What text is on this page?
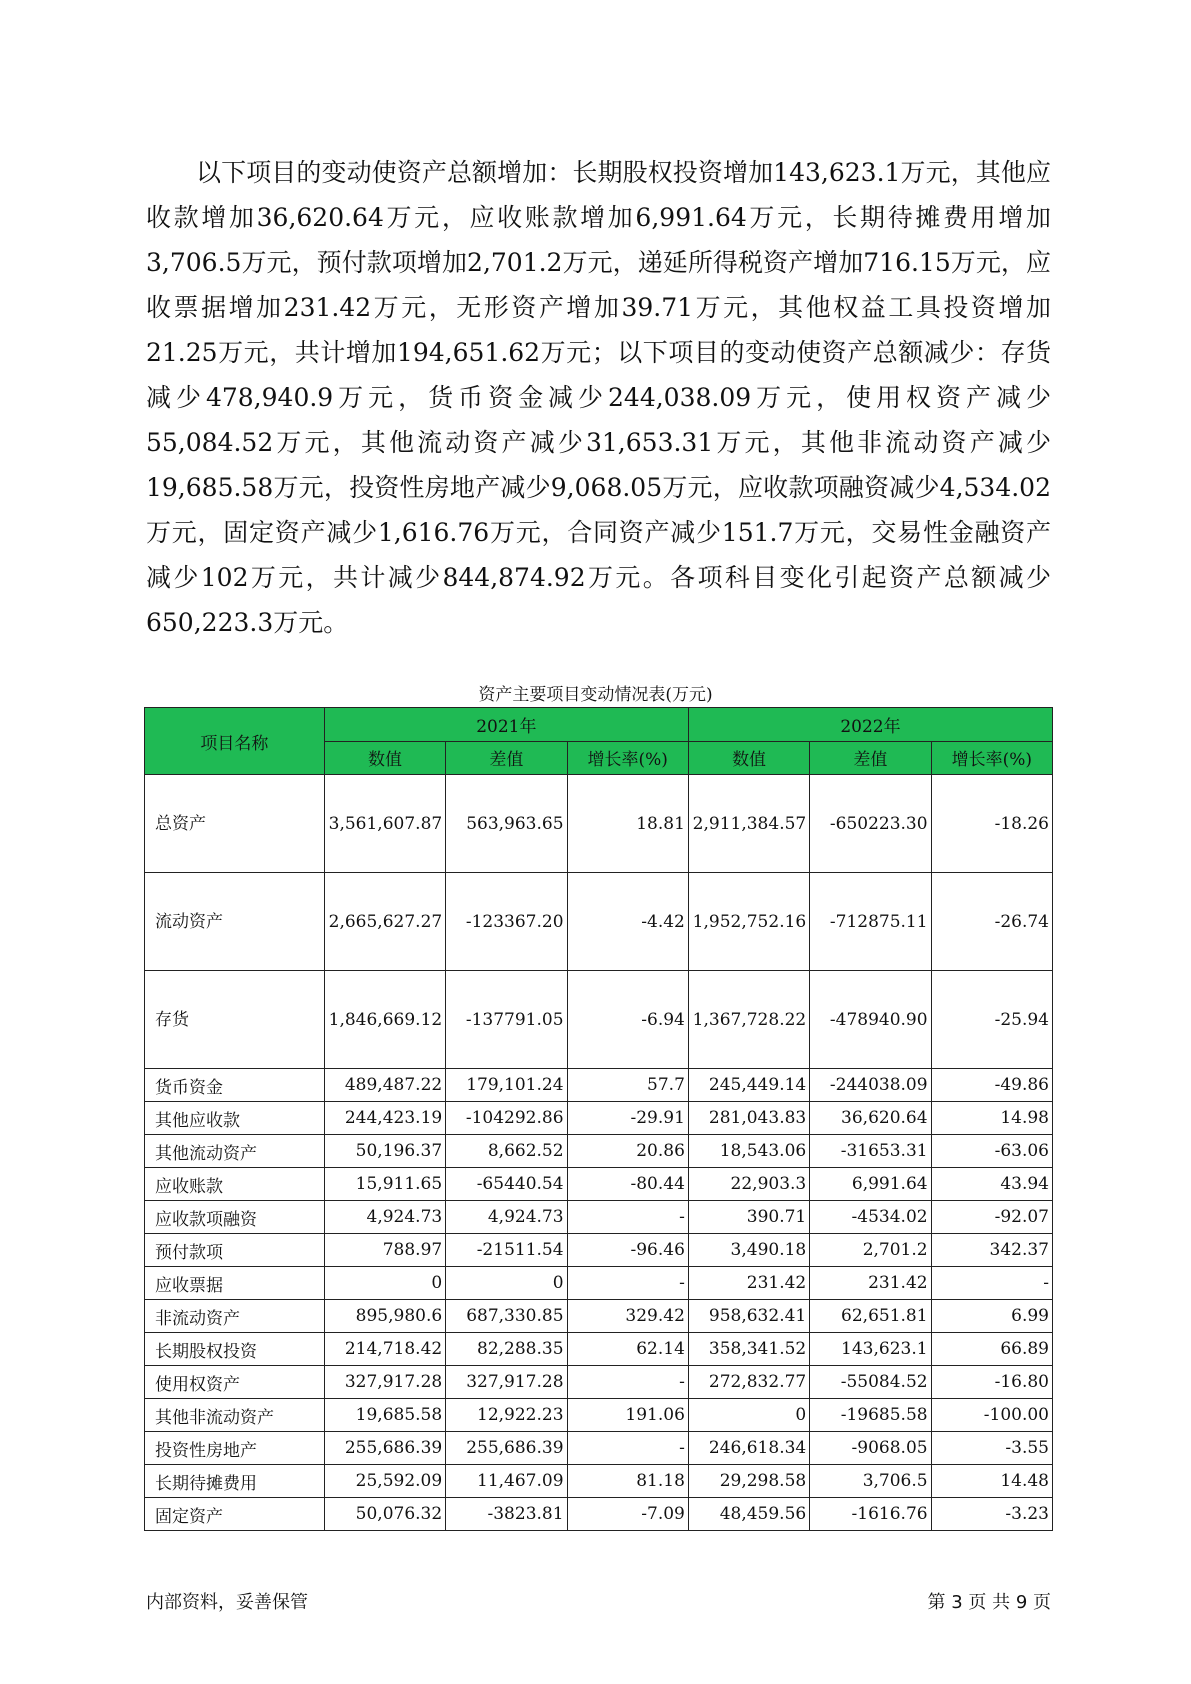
以下项目的变动使资产总额增加：长期股权投资增加143,623.1万元，其他应收款增加36,620.64万元，应收账款增加6,991.64万元，长期待摊费用增加3,706.5万元，预付款项增加2,701.2万元，递延所得税资产增加716.15万元，应收票据增加231.42万元，无形资产增加39.71万元，其他权益工具投资增加21.25万元，共计增加194,651.62万元；以下项目的变动使资产总额减少：存货减少478,940.9万元，货币资金减少244,038.09万元，使用权资产减少55,084.52万元，其他流动资产减少31,653.31万元，其他非流动资产减少19,685.58万元，投资性房地产减少9,068.05万元，应收款项融资减少4,534.02万元，固定资产减少1,616.76万元，合同资产减少151.7万元，交易性金融资产减少102万元，共计减少844,874.92万元。各项科目变化引起资产总额减少650,223.3万元。

资产主要项目变动情况表(万元)
项目名称	2021年			2022年		
	数值	差值	增长率(%)	数值	差值	增长率(%)
总资产	3,561,607.87	563,963.65	18.81	2,911,384.57	-650223.30	-18.26
流动资产	2,665,627.27	-123367.20	-4.42	1,952,752.16	-712875.11	-26.74
存货	1,846,669.12	-137791.05	-6.94	1,367,728.22	-478940.90	-25.94
货币资金	489,487.22	179,101.24	57.7	245,449.14	-244038.09	-49.86
其他应收款	244,423.19	-104292.86	-29.91	281,043.83	36,620.64	14.98
其他流动资产	50,196.37	8,662.52	20.86	18,543.06	-31653.31	-63.06
应收账款	15,911.65	-65440.54	-80.44	22,903.3	6,991.64	43.94
应收款项融资	4,924.73	4,924.73	-	390.71	-4534.02	-92.07
预付款项	788.97	-21511.54	-96.46	3,490.18	2,701.2	342.37
应收票据	0	0	-	231.42	231.42	-
非流动资产	895,980.6	687,330.85	329.42	958,632.41	62,651.81	6.99
长期股权投资	214,718.42	82,288.35	62.14	358,341.52	143,623.1	66.89
使用权资产	327,917.28	327,917.28	-	272,832.77	-55084.52	-16.80
其他非流动资产	19,685.58	12,922.23	191.06	0	-19685.58	-100.00
投资性房地产	255,686.39	255,686.39	-	246,618.34	-9068.05	-3.55
长期待摊费用	25,592.09	11,467.09	81.18	29,298.58	3,706.5	14.48
固定资产	50,076.32	-3823.81	-7.09	48,459.56	-1616.76	-3.23
内部资料，妥善保管	第 3 页 共 9 页
